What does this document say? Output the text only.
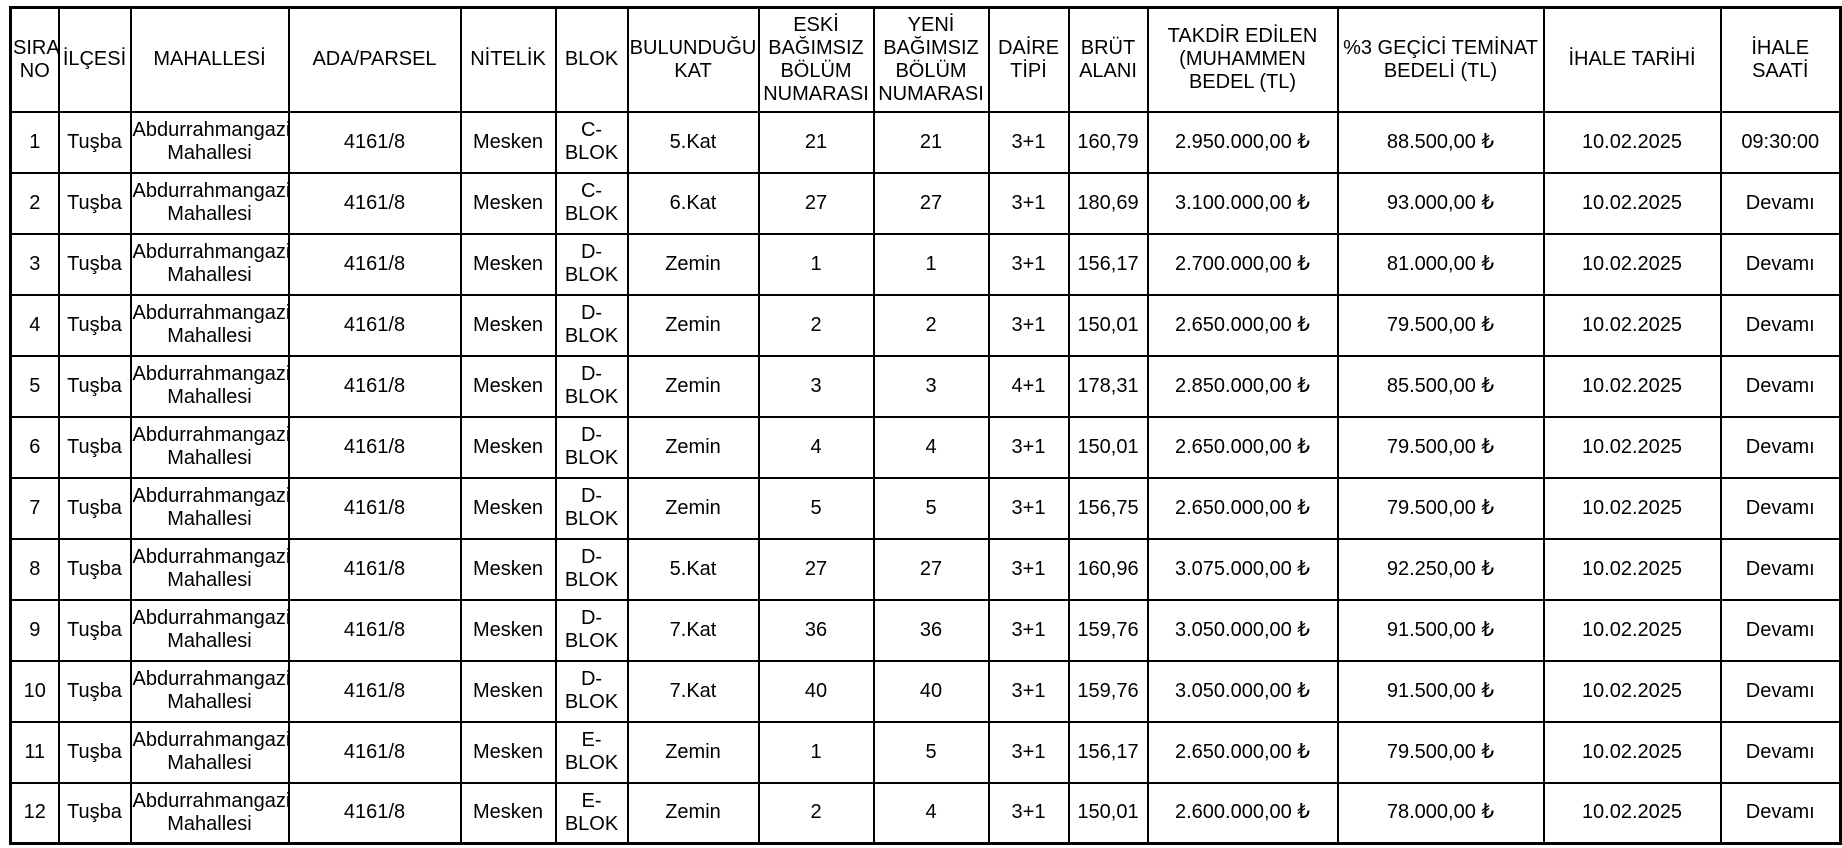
SIRA NO	İLÇESİ	MAHALLESİ	ADA/PARSEL	NİTELİK	BLOK	BULUNDUĞU KAT	ESKİ BAĞIMSIZ BÖLÜM NUMARASI	YENİ BAĞIMSIZ BÖLÜM NUMARASI	DAİRE TİPİ	BRÜT ALANI	TAKDİR EDİLEN (MUHAMMEN BEDEL (TL)	%3 GEÇİCİ TEMİNAT BEDELİ (TL)	İHALE TARİHİ	İHALE SAATİ
1	Tuşba	Abdurrahmangazi Mahallesi	4161/8	Mesken	C-BLOK	5.Kat	21	21	3+1	160,79	2.950.000,00 ₺	88.500,00 ₺	10.02.2025	09:30:00
2	Tuşba	Abdurrahmangazi Mahallesi	4161/8	Mesken	C-BLOK	6.Kat	27	27	3+1	180,69	3.100.000,00 ₺	93.000,00 ₺	10.02.2025	Devamı
3	Tuşba	Abdurrahmangazi Mahallesi	4161/8	Mesken	D-BLOK	Zemin	1	1	3+1	156,17	2.700.000,00 ₺	81.000,00 ₺	10.02.2025	Devamı
4	Tuşba	Abdurrahmangazi Mahallesi	4161/8	Mesken	D-BLOK	Zemin	2	2	3+1	150,01	2.650.000,00 ₺	79.500,00 ₺	10.02.2025	Devamı
5	Tuşba	Abdurrahmangazi Mahallesi	4161/8	Mesken	D-BLOK	Zemin	3	3	4+1	178,31	2.850.000,00 ₺	85.500,00 ₺	10.02.2025	Devamı
6	Tuşba	Abdurrahmangazi Mahallesi	4161/8	Mesken	D-BLOK	Zemin	4	4	3+1	150,01	2.650.000,00 ₺	79.500,00 ₺	10.02.2025	Devamı
7	Tuşba	Abdurrahmangazi Mahallesi	4161/8	Mesken	D-BLOK	Zemin	5	5	3+1	156,75	2.650.000,00 ₺	79.500,00 ₺	10.02.2025	Devamı
8	Tuşba	Abdurrahmangazi Mahallesi	4161/8	Mesken	D-BLOK	5.Kat	27	27	3+1	160,96	3.075.000,00 ₺	92.250,00 ₺	10.02.2025	Devamı
9	Tuşba	Abdurrahmangazi Mahallesi	4161/8	Mesken	D-BLOK	7.Kat	36	36	3+1	159,76	3.050.000,00 ₺	91.500,00 ₺	10.02.2025	Devamı
10	Tuşba	Abdurrahmangazi Mahallesi	4161/8	Mesken	D-BLOK	7.Kat	40	40	3+1	159,76	3.050.000,00 ₺	91.500,00 ₺	10.02.2025	Devamı
11	Tuşba	Abdurrahmangazi Mahallesi	4161/8	Mesken	E-BLOK	Zemin	1	5	3+1	156,17	2.650.000,00 ₺	79.500,00 ₺	10.02.2025	Devamı
12	Tuşba	Abdurrahmangazi Mahallesi	4161/8	Mesken	E-BLOK	Zemin	2	4	3+1	150,01	2.600.000,00 ₺	78.000,00 ₺	10.02.2025	Devamı
